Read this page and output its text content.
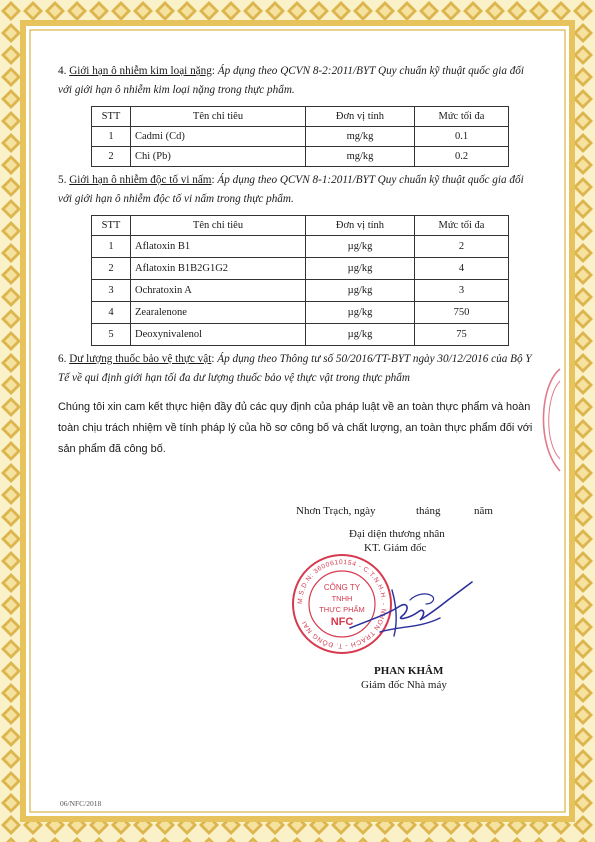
4. Giới hạn ô nhiễm kim loại nặng: Áp dụng theo QCVN 8-2:2011/BYT Quy chuẩn kỹ thuật quốc gia đối với giới hạn ô nhiễm kim loại nặng trong thực phẩm.

STT	Tên chỉ tiêu	Đơn vị tính	Mức tối đa
1	Cadmi (Cd)	mg/kg	0.1
2	Chì (Pb)	mg/kg	0.2

5. Giới hạn ô nhiễm độc tố vi nấm: Áp dụng theo QCVN 8-1:2011/BYT Quy chuẩn kỹ thuật quốc gia đối với giới hạn ô nhiễm độc tố vi nấm trong thực phẩm.

STT	Tên chỉ tiêu	Đơn vị tính	Mức tối đa
1	Aflatoxin B1	µg/kg	2
2	Aflatoxin B1B2G1G2	µg/kg	4
3	Ochratoxin A	µg/kg	3
4	Zearalenone	µg/kg	750
5	Deoxynivalenol	µg/kg	75

6. Dư lượng thuốc bảo vệ thực vật: Áp dụng theo Thông tư số 50/2016/TT-BYT ngày 30/12/2016 của Bộ Y Tế về qui định giới hạn tối đa dư lượng thuốc bảo vệ thực vật trong thực phẩm

Chúng tôi xin cam kết thực hiện đầy đủ các quy định của pháp luật về an toàn thực phẩm và hoàn toàn chịu trách nhiệm về tính pháp lý của hồ sơ công bố và chất lượng, an toàn thực phẩm đối với sản phẩm đã công bố.

Nhơn Trạch, ngày	tháng	năm
Đại diện thương nhân
KT. Giám đốc
M.S.D.N: 3600610154 - C.T.N.H.H. - NHƠN TRẠCH - T. ĐỒNG NAI
CÔNG TY
TNHH
THỰC PHẨM
NFC
PHAN KHÂM
Giám đốc Nhà máy
06/NFC/2018
